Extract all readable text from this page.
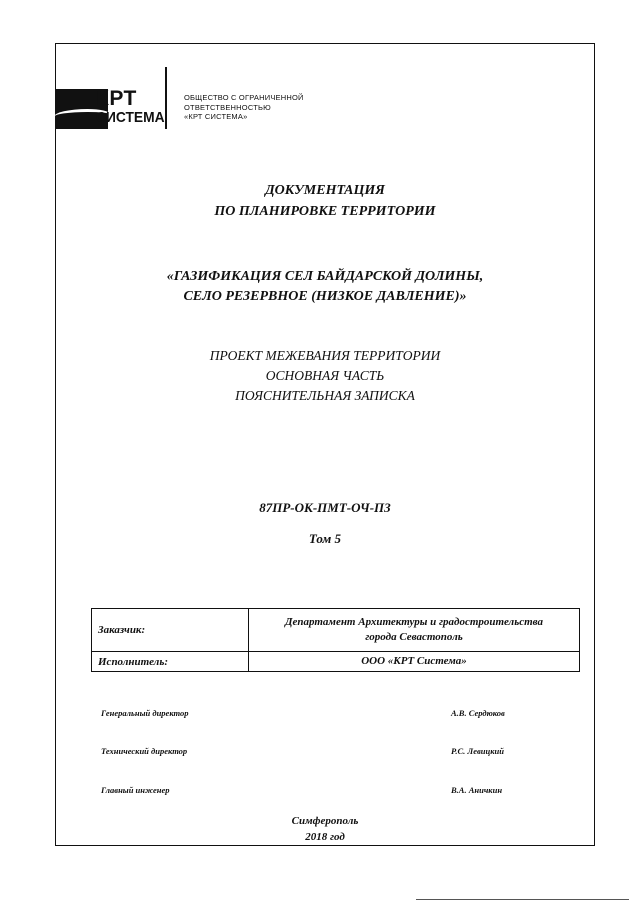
КРТ
СИСТЕМА
ОБЩЕСТВО С ОГРАНИЧЕННОЙ
ОТВЕТСТВЕННОСТЬЮ
«КРТ СИСТЕМА»
ДОКУМЕНТАЦИЯ
ПО ПЛАНИРОВКЕ ТЕРРИТОРИИ
«ГАЗИФИКАЦИЯ СЕЛ БАЙДАРСКОЙ ДОЛИНЫ,
СЕЛО РЕЗЕРВНОЕ (НИЗКОЕ ДАВЛЕНИЕ)»
ПРОЕКТ МЕЖЕВАНИЯ ТЕРРИТОРИИ
ОСНОВНАЯ ЧАСТЬ
ПОЯСНИТЕЛЬНАЯ ЗАПИСКА
87ПР-ОК-ПМТ-ОЧ-ПЗ
Том 5
Заказчик:	Департамент Архитектуры и градостроительства
города Севастополь

Исполнитель:	ООО «КРТ Система»
Генеральный директор	А.В. Сердюков
Технический директор	Р.С. Левицкий
Главный инженер	В.А. Аничкин
Симферополь
2018 год
